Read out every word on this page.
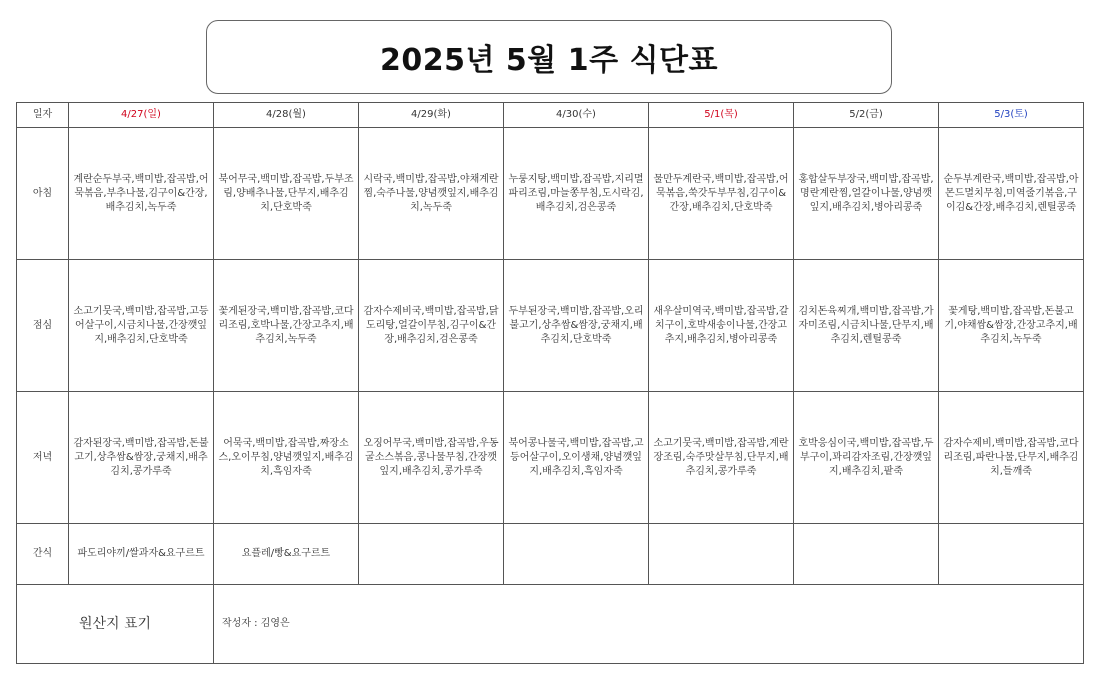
2025년 5월 1주 식단표
일자	4/27(일)	4/28(월)	4/29(화)	4/30(수)	5/1(목)	5/2(금)	5/3(토)
아침	계란순두부국,백미밥,잡곡밥,어묵볶음,부추나물,김구이&간장,배추김치,녹두죽	북어무국,백미밥,잡곡밥,두부조림,양배추나물,단무지,배추김치,단호박죽	시락국,백미밥,잡곡밥,야채계란찜,숙주나물,양념깻잎지,배추김치,녹두죽	누룽지탕,백미밥,잡곡밥,지리멸파리조림,마늘쫑무침,도시락김,배추김치,검은콩죽	물만두계란국,백미밥,잡곡밥,어묵볶음,쑥갓두부무침,김구이&간장,배추김치,단호박죽	홍합살두부장국,백미밥,잡곡밥,명란계란찜,얼갈이나물,양념깻잎지,배추김치,병아리콩죽	순두부계란국,백미밥,잡곡밥,아몬드멸치무침,미역줄기볶음,구이김&간장,배추김치,렌틸콩죽
점심	소고기뭇국,백미밥,잡곡밥,고등어살구이,시금치나물,간장깻잎지,배추김치,단호박죽	꽃게된장국,백미밥,잡곡밥,코다리조림,호박나물,간장고추지,배추김치,녹두죽	감자수제비국,백미밥,잡곡밥,닭도리탕,얼갈이무침,김구이&간장,배추김치,검은콩죽	두부된장국,백미밥,잡곡밥,오리불고기,상추쌈&쌈장,궁채지,배추김치,단호박죽	새우살미역국,백미밥,잡곡밥,갈치구이,호박새송이나물,간장고추지,배추김치,병아리콩죽	김치돈육찌개,백미밥,잡곡밥,가자미조림,시금치나물,단무지,배추김치,렌틸콩죽	꽃게탕,백미밥,잡곡밥,돈불고기,야채쌈&쌈장,간장고추지,배추김치,녹두죽
저녁	감자된장국,백미밥,잡곡밥,돈불고기,상추쌈&쌈장,궁채지,배추김치,콩가루죽	어묵국,백미밥,잡곡밥,짜장소스,오이무침,양념깻잎지,배추김치,흑임자죽	오징어무국,백미밥,잡곡밥,우동굴소스볶음,콩나물무침,간장깻잎지,배추김치,콩가루죽	북어콩나물국,백미밥,잡곡밥,고등어살구이,오이생채,양념깻잎지,배추김치,흑임자죽	소고기뭇국,백미밥,잡곡밥,계란장조림,숙주맛살무침,단무지,배추김치,콩가루죽	호박응심이국,백미밥,잡곡밥,두부구이,꽈리감자조림,간장깻잎지,배추김치,팥죽	감자수제비,백미밥,잡곡밥,코다리조림,파란나물,단무지,배추김치,들깨죽
간식	파도리야끼/쌀과자&요구르트	요플레/빵&요구르트					
원산지 표기		작성자 : 김영은					
